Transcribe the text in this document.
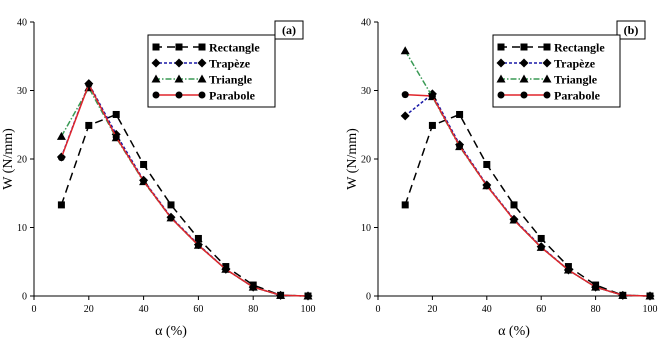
0	20	40	60	80	100
0
10
20
30
40
α (%)
W (N/mm)
(a)
Rectangle
Trapèze
Triangle
Parabole
0	20	40	60	80	100
0
10
20
30
40
α (%)
W (N/mm)
(b)
Rectangle
Trapèze
Triangle
Parabole
